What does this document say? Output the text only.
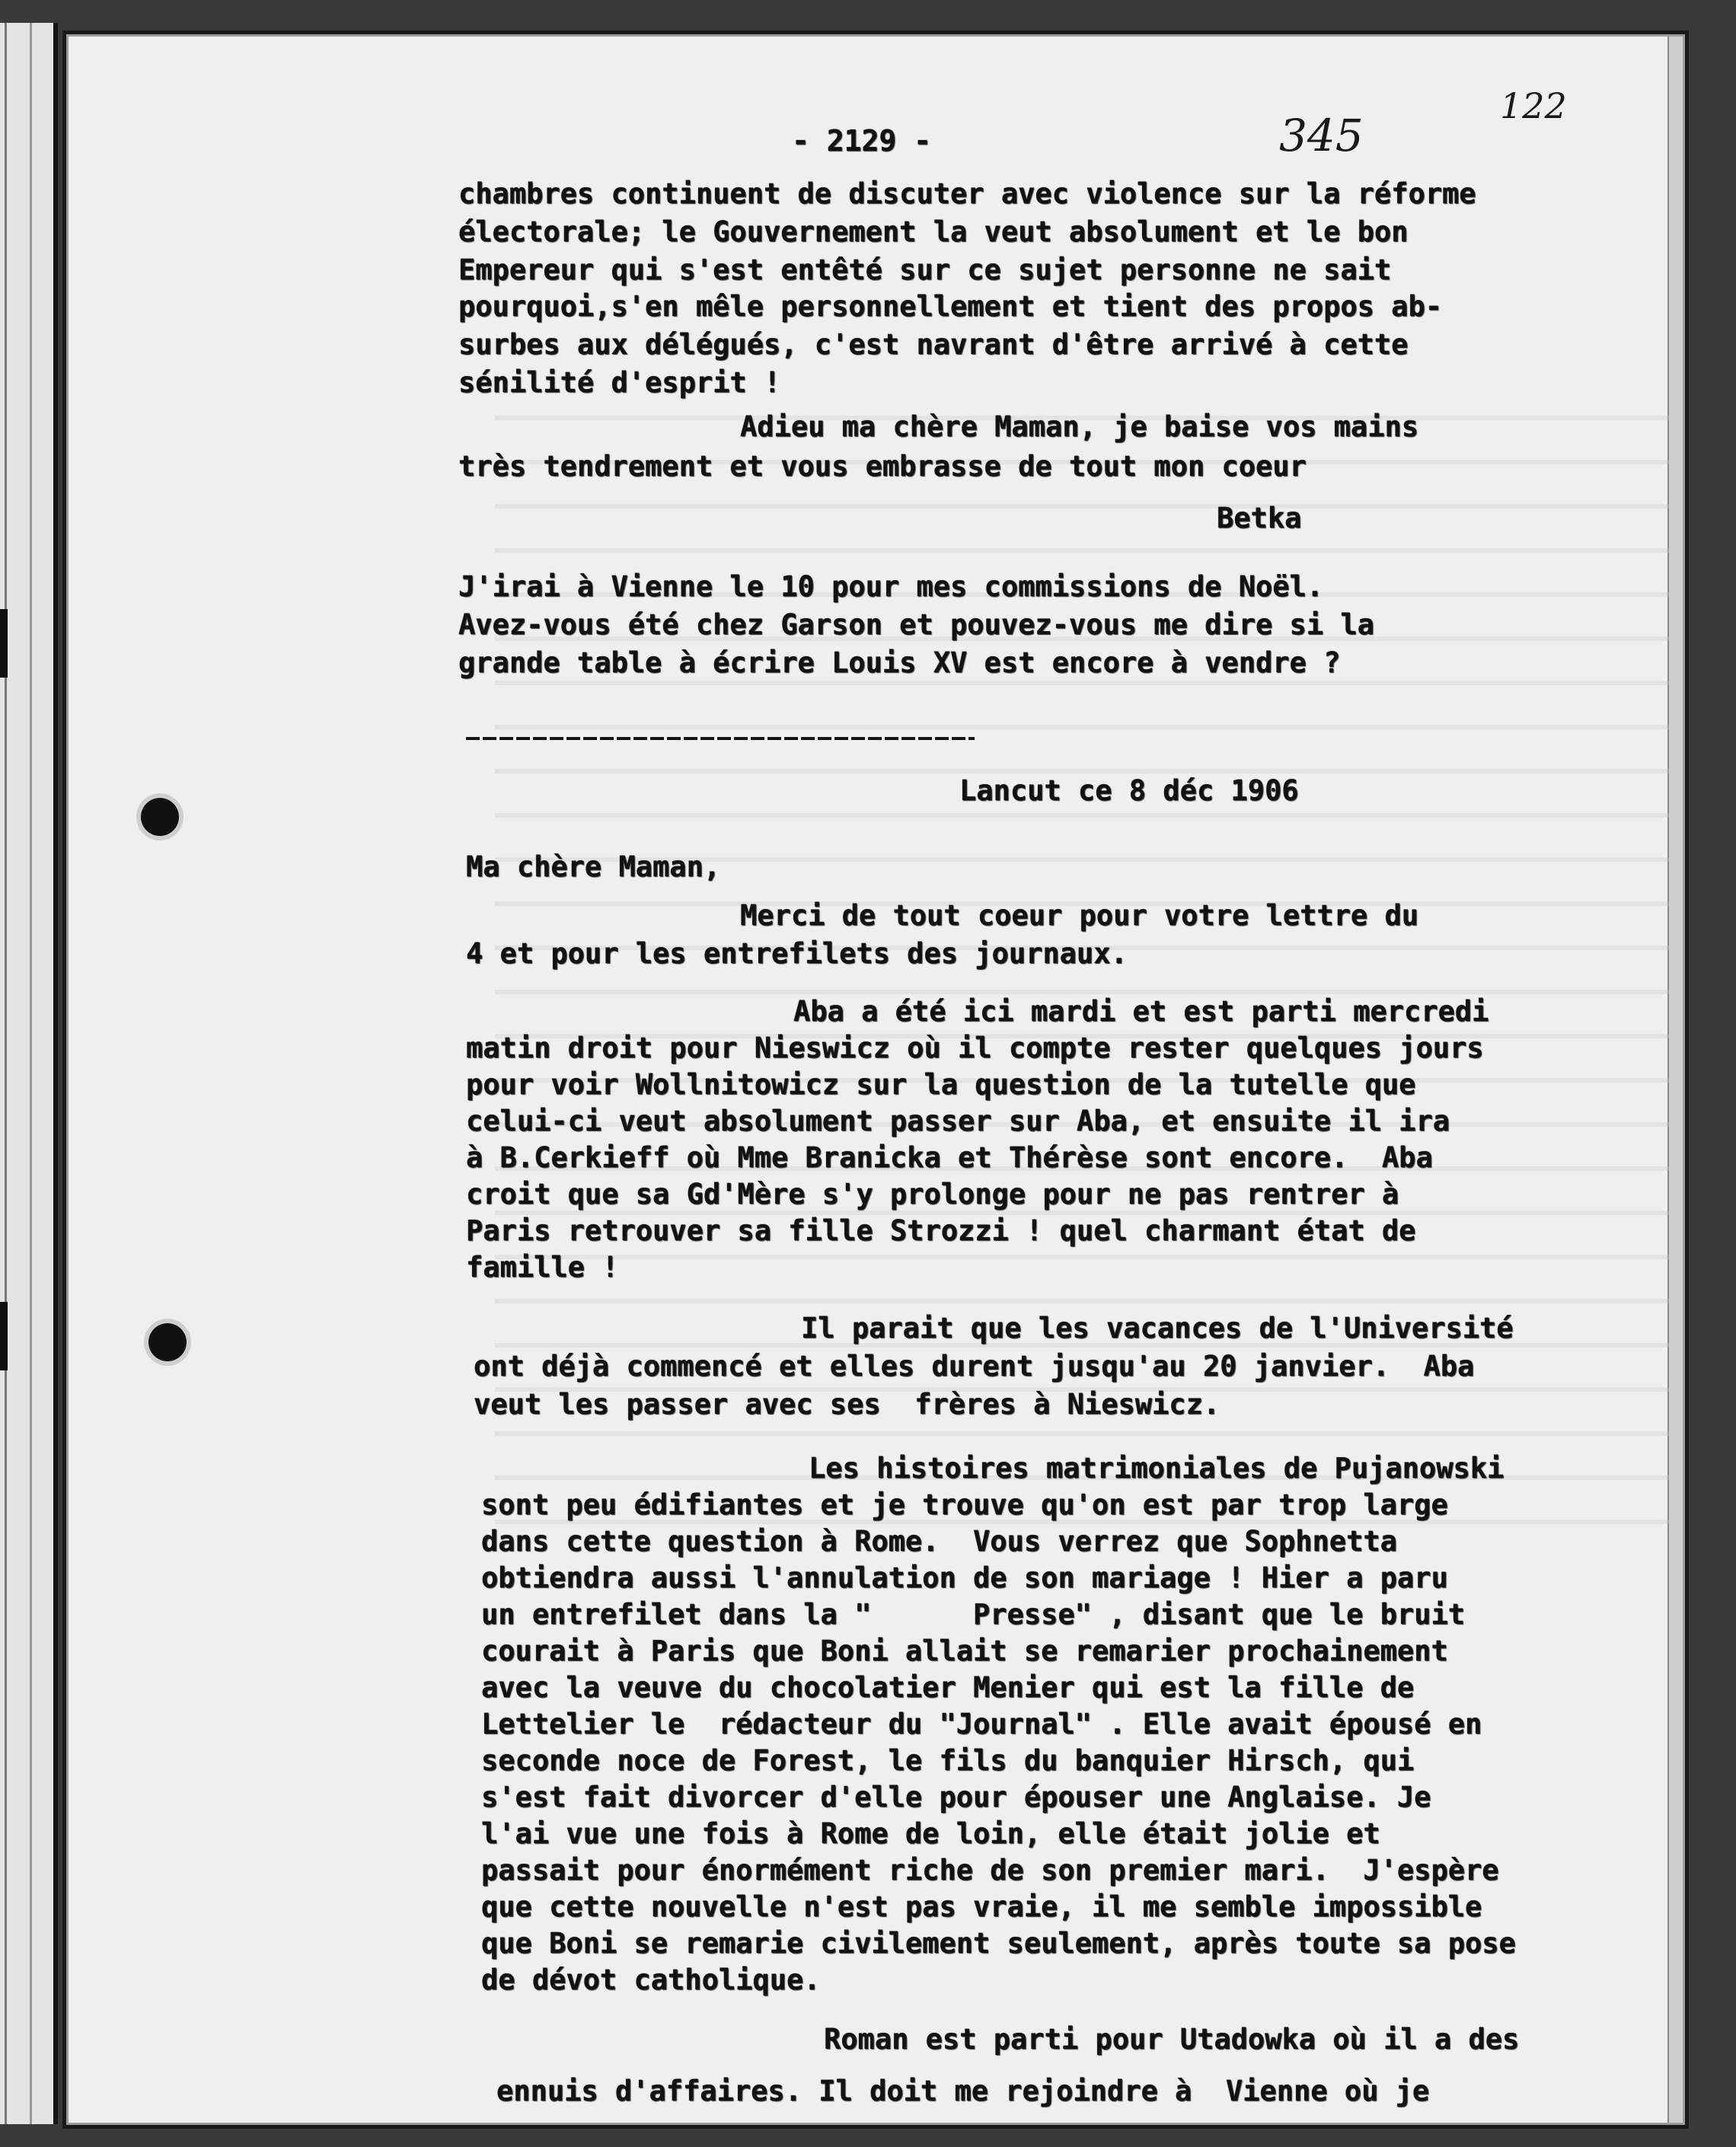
- 2129 -	345
122
chambres continuent de discuter avec violence sur la réforme
électorale; le Gouvernement la veut absolument et le bon
Empereur qui s'est entêté sur ce sujet personne ne sait
pourquoi,s'en mêle personnellement et tient des propos ab-
surbes aux délégués, c'est navrant d'être arrivé à cette
sénilité d'esprit !
Adieu ma chère Maman, je baise vos mains
très tendrement et vous embrasse de tout mon coeur
Betka
J'irai à Vienne le 10 pour mes commissions de Noël.
Avez-vous été chez Garson et pouvez-vous me dire si la
grande table à écrire Louis XV est encore à vendre ?
Lancut ce 8 déc 1906
Ma chère Maman,
Merci de tout coeur pour votre lettre du
4 et pour les entrefilets des journaux.
Aba a été ici mardi et est parti mercredi
matin droit pour Nieswicz où il compte rester quelques jours
pour voir Wollnitowicz sur la question de la tutelle que
celui-ci veut absolument passer sur Aba, et ensuite il ira
à B.Cerkieff où Mme Branicka et Thérèse sont encore.  Aba
croit que sa Gd'Mère s'y prolonge pour ne pas rentrer à
Paris retrouver sa fille Strozzi ! quel charmant état de
famille !
Il parait que les vacances de l'Université
ont déjà commencé et elles durent jusqu'au 20 janvier.  Aba
veut les passer avec ses  frères à Nieswicz.
Les histoires matrimoniales de Pujanowski
sont peu édifiantes et je trouve qu'on est par trop large
dans cette question à Rome.  Vous verrez que Sophnetta
obtiendra aussi l'annulation de son mariage ! Hier a paru
un entrefilet dans la "      Presse" , disant que le bruit
courait à Paris que Boni allait se remarier prochainement
avec la veuve du chocolatier Menier qui est la fille de
Lettelier le  rédacteur du "Journal" . Elle avait épousé en
seconde noce de Forest, le fils du banquier Hirsch, qui
s'est fait divorcer d'elle pour épouser une Anglaise. Je
l'ai vue une fois à Rome de loin, elle était jolie et
passait pour énormément riche de son premier mari.  J'espère
que cette nouvelle n'est pas vraie, il me semble impossible
que Boni se remarie civilement seulement, après toute sa pose
de dévot catholique.
Roman est parti pour Utadowka où il a des
ennuis d'affaires. Il doit me rejoindre à  Vienne où je
